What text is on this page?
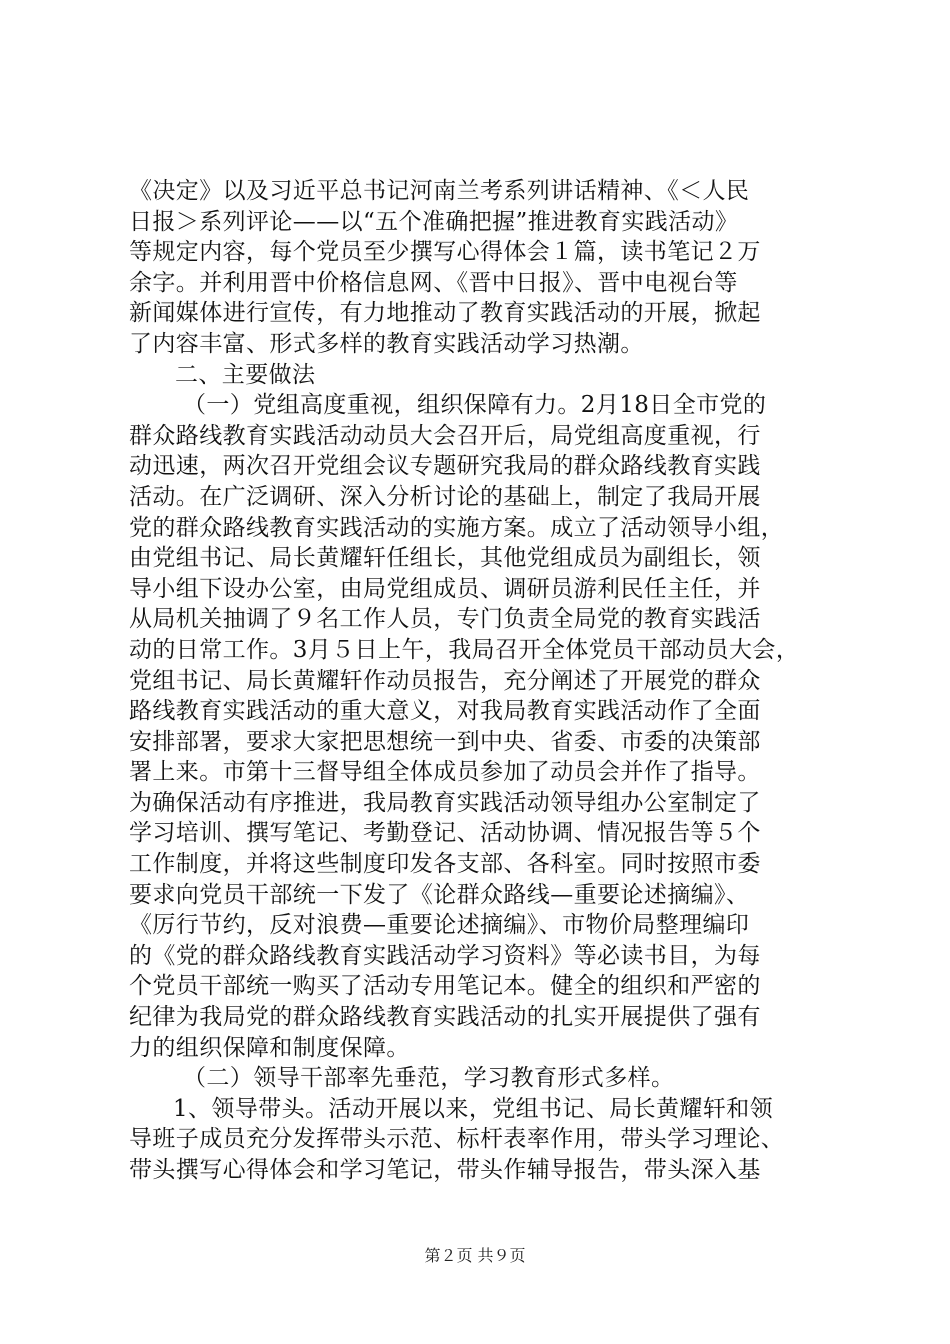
《决定》以及习近平总书记河南兰考系列讲话精神、《＜人民
日报＞系列评论——以“五个准确把握”推进教育实践活动》
等规定内容，每个党员至少撰写心得体会１篇，读书笔记２万
余字。并利用晋中价格信息网、《晋中日报》、晋中电视台等
新闻媒体进行宣传，有力地推动了教育实践活动的开展，掀起
了内容丰富、形式多样的教育实践活动学习热潮。
二、主要做法
（一）党组高度重视，组织保障有力。2月18日全市党的
群众路线教育实践活动动员大会召开后，局党组高度重视，行
动迅速，两次召开党组会议专题研究我局的群众路线教育实践
活动。在广泛调研、深入分析讨论的基础上，制定了我局开展
党的群众路线教育实践活动的实施方案。成立了活动领导小组，
由党组书记、局长黄耀轩任组长，其他党组成员为副组长，领
导小组下设办公室，由局党组成员、调研员游利民任主任，并
从局机关抽调了９名工作人员，专门负责全局党的教育实践活
动的日常工作。3月５日上午，我局召开全体党员干部动员大会，
党组书记、局长黄耀轩作动员报告，充分阐述了开展党的群众
路线教育实践活动的重大意义，对我局教育实践活动作了全面
安排部署，要求大家把思想统一到中央、省委、市委的决策部
署上来。市第十三督导组全体成员参加了动员会并作了指导。
为确保活动有序推进，我局教育实践活动领导组办公室制定了
学习培训、撰写笔记、考勤登记、活动协调、情况报告等５个
工作制度，并将这些制度印发各支部、各科室。同时按照市委
要求向党员干部统一下发了《论群众路线—重要论述摘编》、
《厉行节约，反对浪费—重要论述摘编》、市物价局整理编印
的《党的群众路线教育实践活动学习资料》等必读书目，为每
个党员干部统一购买了活动专用笔记本。健全的组织和严密的
纪律为我局党的群众路线教育实践活动的扎实开展提供了强有
力的组织保障和制度保障。
（二）领导干部率先垂范，学习教育形式多样。
1、领导带头。活动开展以来，党组书记、局长黄耀轩和领
导班子成员充分发挥带头示范、标杆表率作用，带头学习理论、
带头撰写心得体会和学习笔记，带头作辅导报告，带头深入基
第２页 共９页
